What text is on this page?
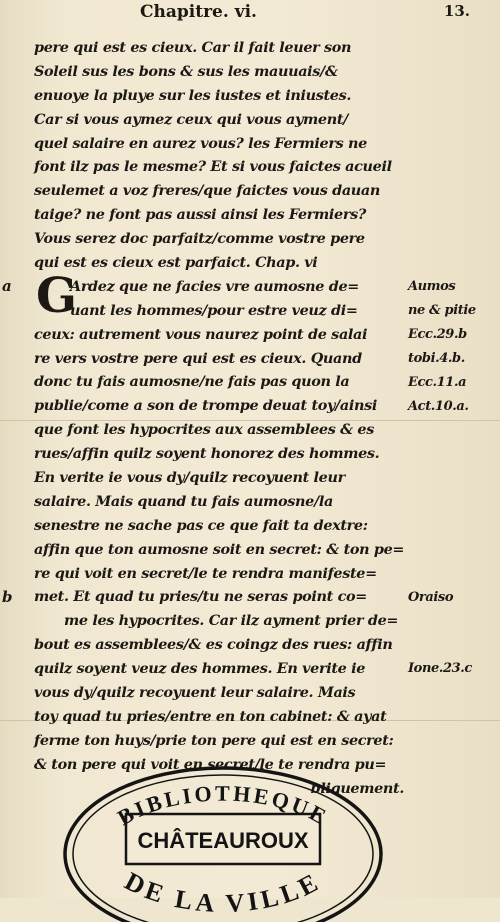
Chapitre. vi.	13.
G
pere qui est es cieux. Car il fait leuer son
Soleil sus les bons & sus les mauuais/&
enuoye la pluye sur les iustes et iniustes.
Car si vous aymez ceux qui vous ayment/
quel salaire en aurez vous? les Fermiers ne
font ilz pas le mesme? Et si vous faictes acueil
seulemet a voz freres/que faictes vous dauan
taige? ne font pas aussi ainsi les Fermiers?
Vous serez doc parfaitz/comme vostre pere
qui est es cieux est parfaict. Chap. vi
Ardez que ne facies vre aumosne de=
uant les hommes/pour estre veuz di=
ceux: autrement vous naurez point de salai
re vers vostre pere qui est es cieux. Quand
donc tu fais aumosne/ne fais pas quon la
publie/come a son de trompe deuat toy/ainsi
que font les hypocrites aux assemblees & es
rues/affin quilz soyent honorez des hommes.
En verite ie vous dy/quilz recoyuent leur
salaire. Mais quand tu fais aumosne/la
senestre ne sache pas ce que fait ta dextre:
affin que ton aumosne soit en secret: & ton pe=
re qui voit en secret/le te rendra manifeste=
met. Et quad tu pries/tu ne seras point co=
me les hypocrites. Car ilz ayment prier de=
bout es assemblees/& es coingz des rues: affin
quilz soyent veuz des hommes. En verite ie
vous dy/quilz recoyuent leur salaire. Mais
toy quad tu pries/entre en ton cabinet: & ayat
ferme ton huys/prie ton pere qui est en secret:
& ton pere qui voit en secret/le te rendra pu=
bliquement.
a
b
Aumos
ne & pitie
Ecc.29.b
tobi.4.b.
Ecc.11.a
Act.10.a.
Oraiso
Ione.23.c
BIBLIOTHEQUE
CHÂTEAUROUX
DE LA VILLE
